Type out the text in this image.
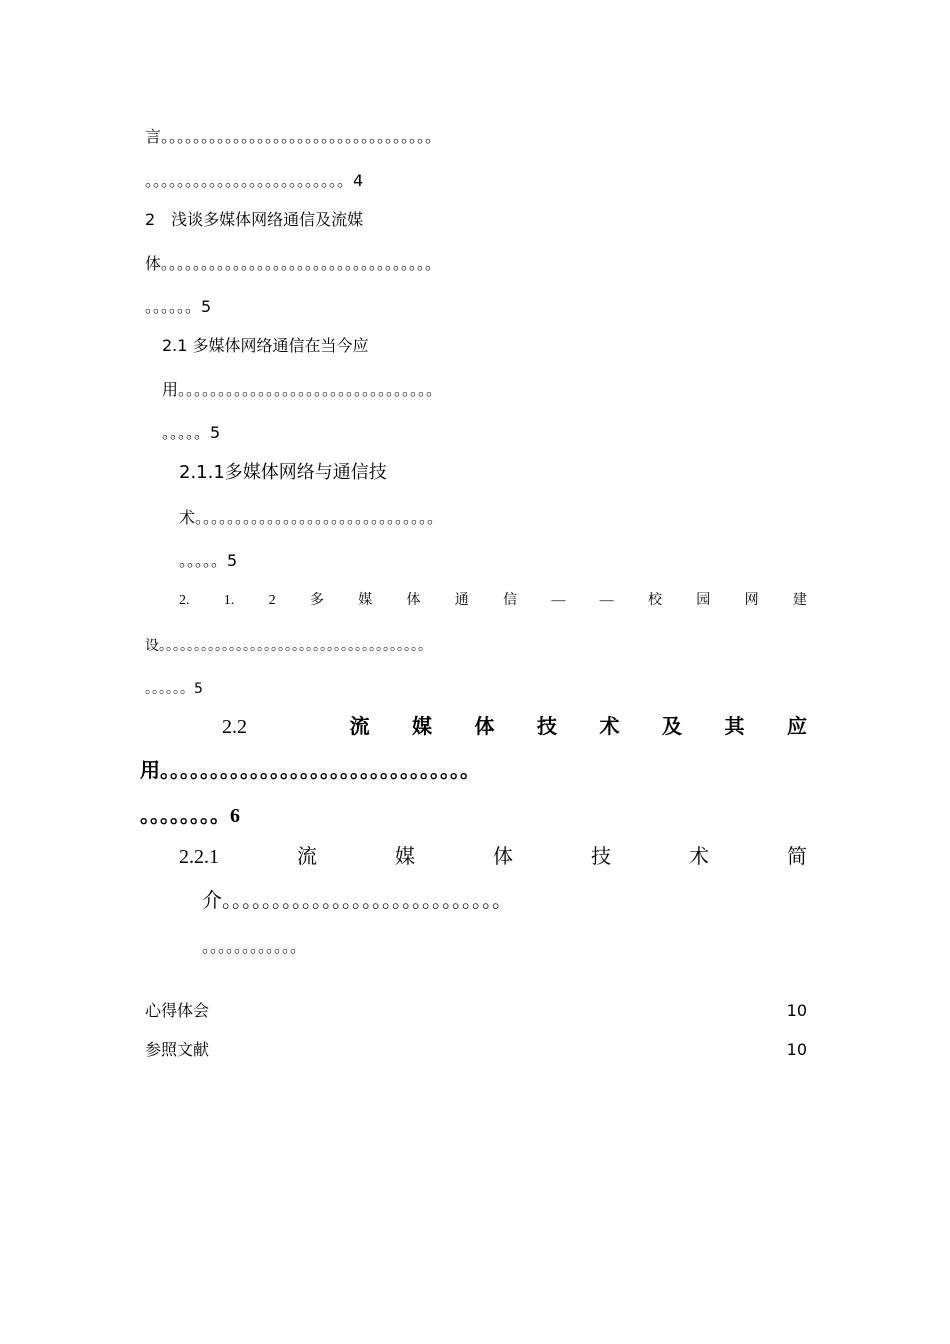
言。。。。。。。。。。。。。。。。。。。。。。。。。。。。。。。。。。
。。。。。。。。。。。。。。。。。。。。。。。。。4
2　浅谈多媒体网络通信及流媒
体。。。。。。。。。。。。。。。。。。。。。。。。。。。。。。。。。。
。。。。。。5
2.1 多媒体网络通信在当今应
用。。。。。。。。。。。。。。。。。。。。。。。。。。。。。。。。
。。。。。5
2.1.1多媒体网络与通信技
术。。。。。。。。。。。。。。。。。。。。。。。。。。。。。。
。。。。。5
2. 1. 2 多 媒 体 通 信 — — 校 园 网 建
设。。。。。。。。。。。。。。。。。。。。。。。。。。。。。。。。。。。。。。
。。。。。。5
2.2	流 媒 体 技 术 及 其 应
用。。。。。。。。。。。。。。。。。。。。。。。。。。。。。。。
。。。。。。。。6
2.2.1	流	媒	体	技	术	简
介。。。。。。。。。。。。。。。。。。。。。。。。。。。。
。。。。。。。。。。。。
心得体会	10
参照文献	10
